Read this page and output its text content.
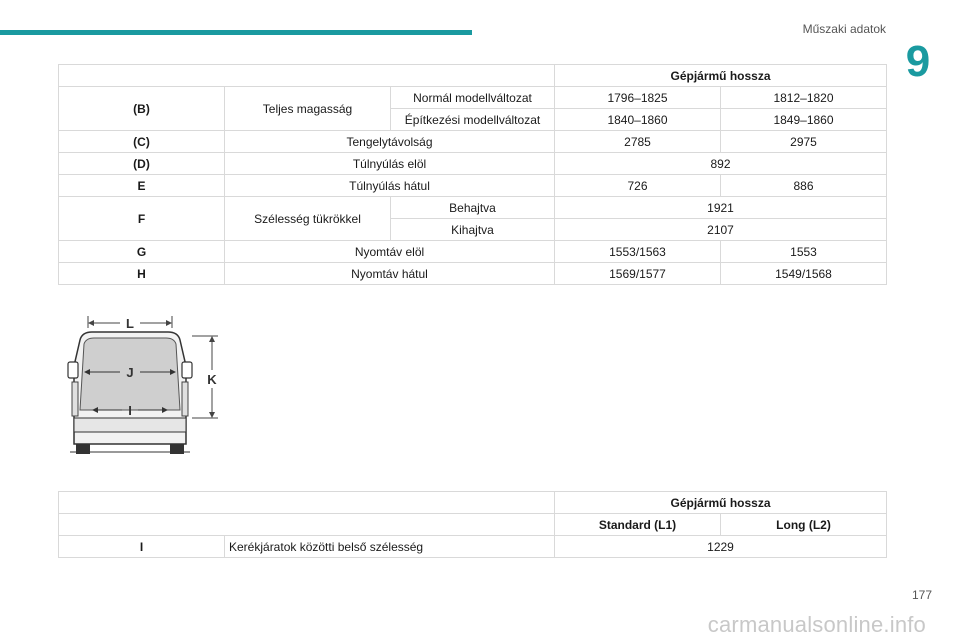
Műszaki adatok
9
			Gépjármű hossza	
(B)	Teljes magasság	Normál modellváltozat	1796–1825	1812–1820
		Építkezési modellváltozat	1840–1860	1849–1860
(C)	Tengelytávolság		2785	2975
(D)	Túlnyúlás elöl		892	
E	Túlnyúlás hátul		726	886
F	Szélesség tükrökkel	Behajtva	1921	
		Kihajtva	2107	
G	Nyomtáv elöl		1553/1563	1553
H	Nyomtáv hátul		1569/1577	1549/1568
L
J
I
K
		Gépjármű hossza	
		Standard (L1)	Long (L2)
I	Kerékjáratok közötti belső szélesség	1229	
carmanualsonline.info
177
